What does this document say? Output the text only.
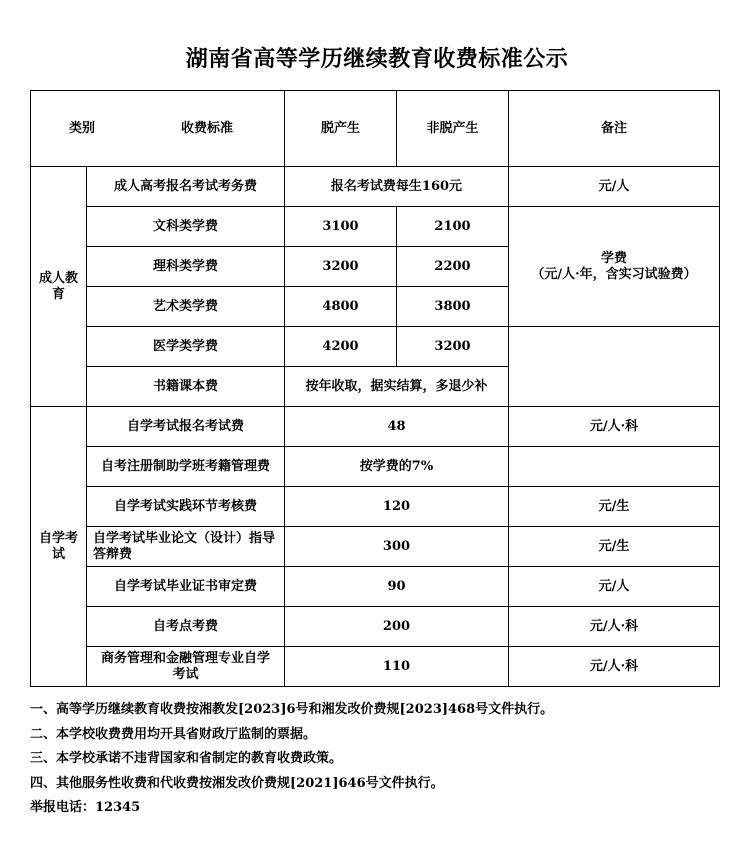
湖南省高等学历继续教育收费标准公示
类别 收费标准		脱产生	非脱产生	备注
成人教育	成人高考报名考试考务费	报名考试费每生160元		元/人
	文科类学费	3100	2100	学费
（元/人·年，含实习试验费）

	理科类学费	3200	2200	
	艺术类学费	4800	3800	
	医学类学费	4200	3200	
	书籍课本费	按年收取，据实结算，多退少补		
自学考试	自学考试报名考试费	48		元/人·科
	自考注册制助学班考籍管理费	按学费的7%		
	自学考试实践环节考核费	120		元/生
	自学考试毕业论文（设计）指导答辩费	300		元/生
	自学考试毕业证书审定费	90		元/人
	自考点考费	200		元/人·科
	商务管理和金融管理专业自学考试	110		元/人·科

一、高等学历继续教育收费按湘教发[2023]6号和湘发改价费规[2023]468号文件执行。

二、本学校收费费用均开具省财政厅监制的票据。

三、本学校承诺不违背国家和省制定的教育收费政策。

四、其他服务性收费和代收费按湘发改价费规[2021]646号文件执行。

举报电话：12345
